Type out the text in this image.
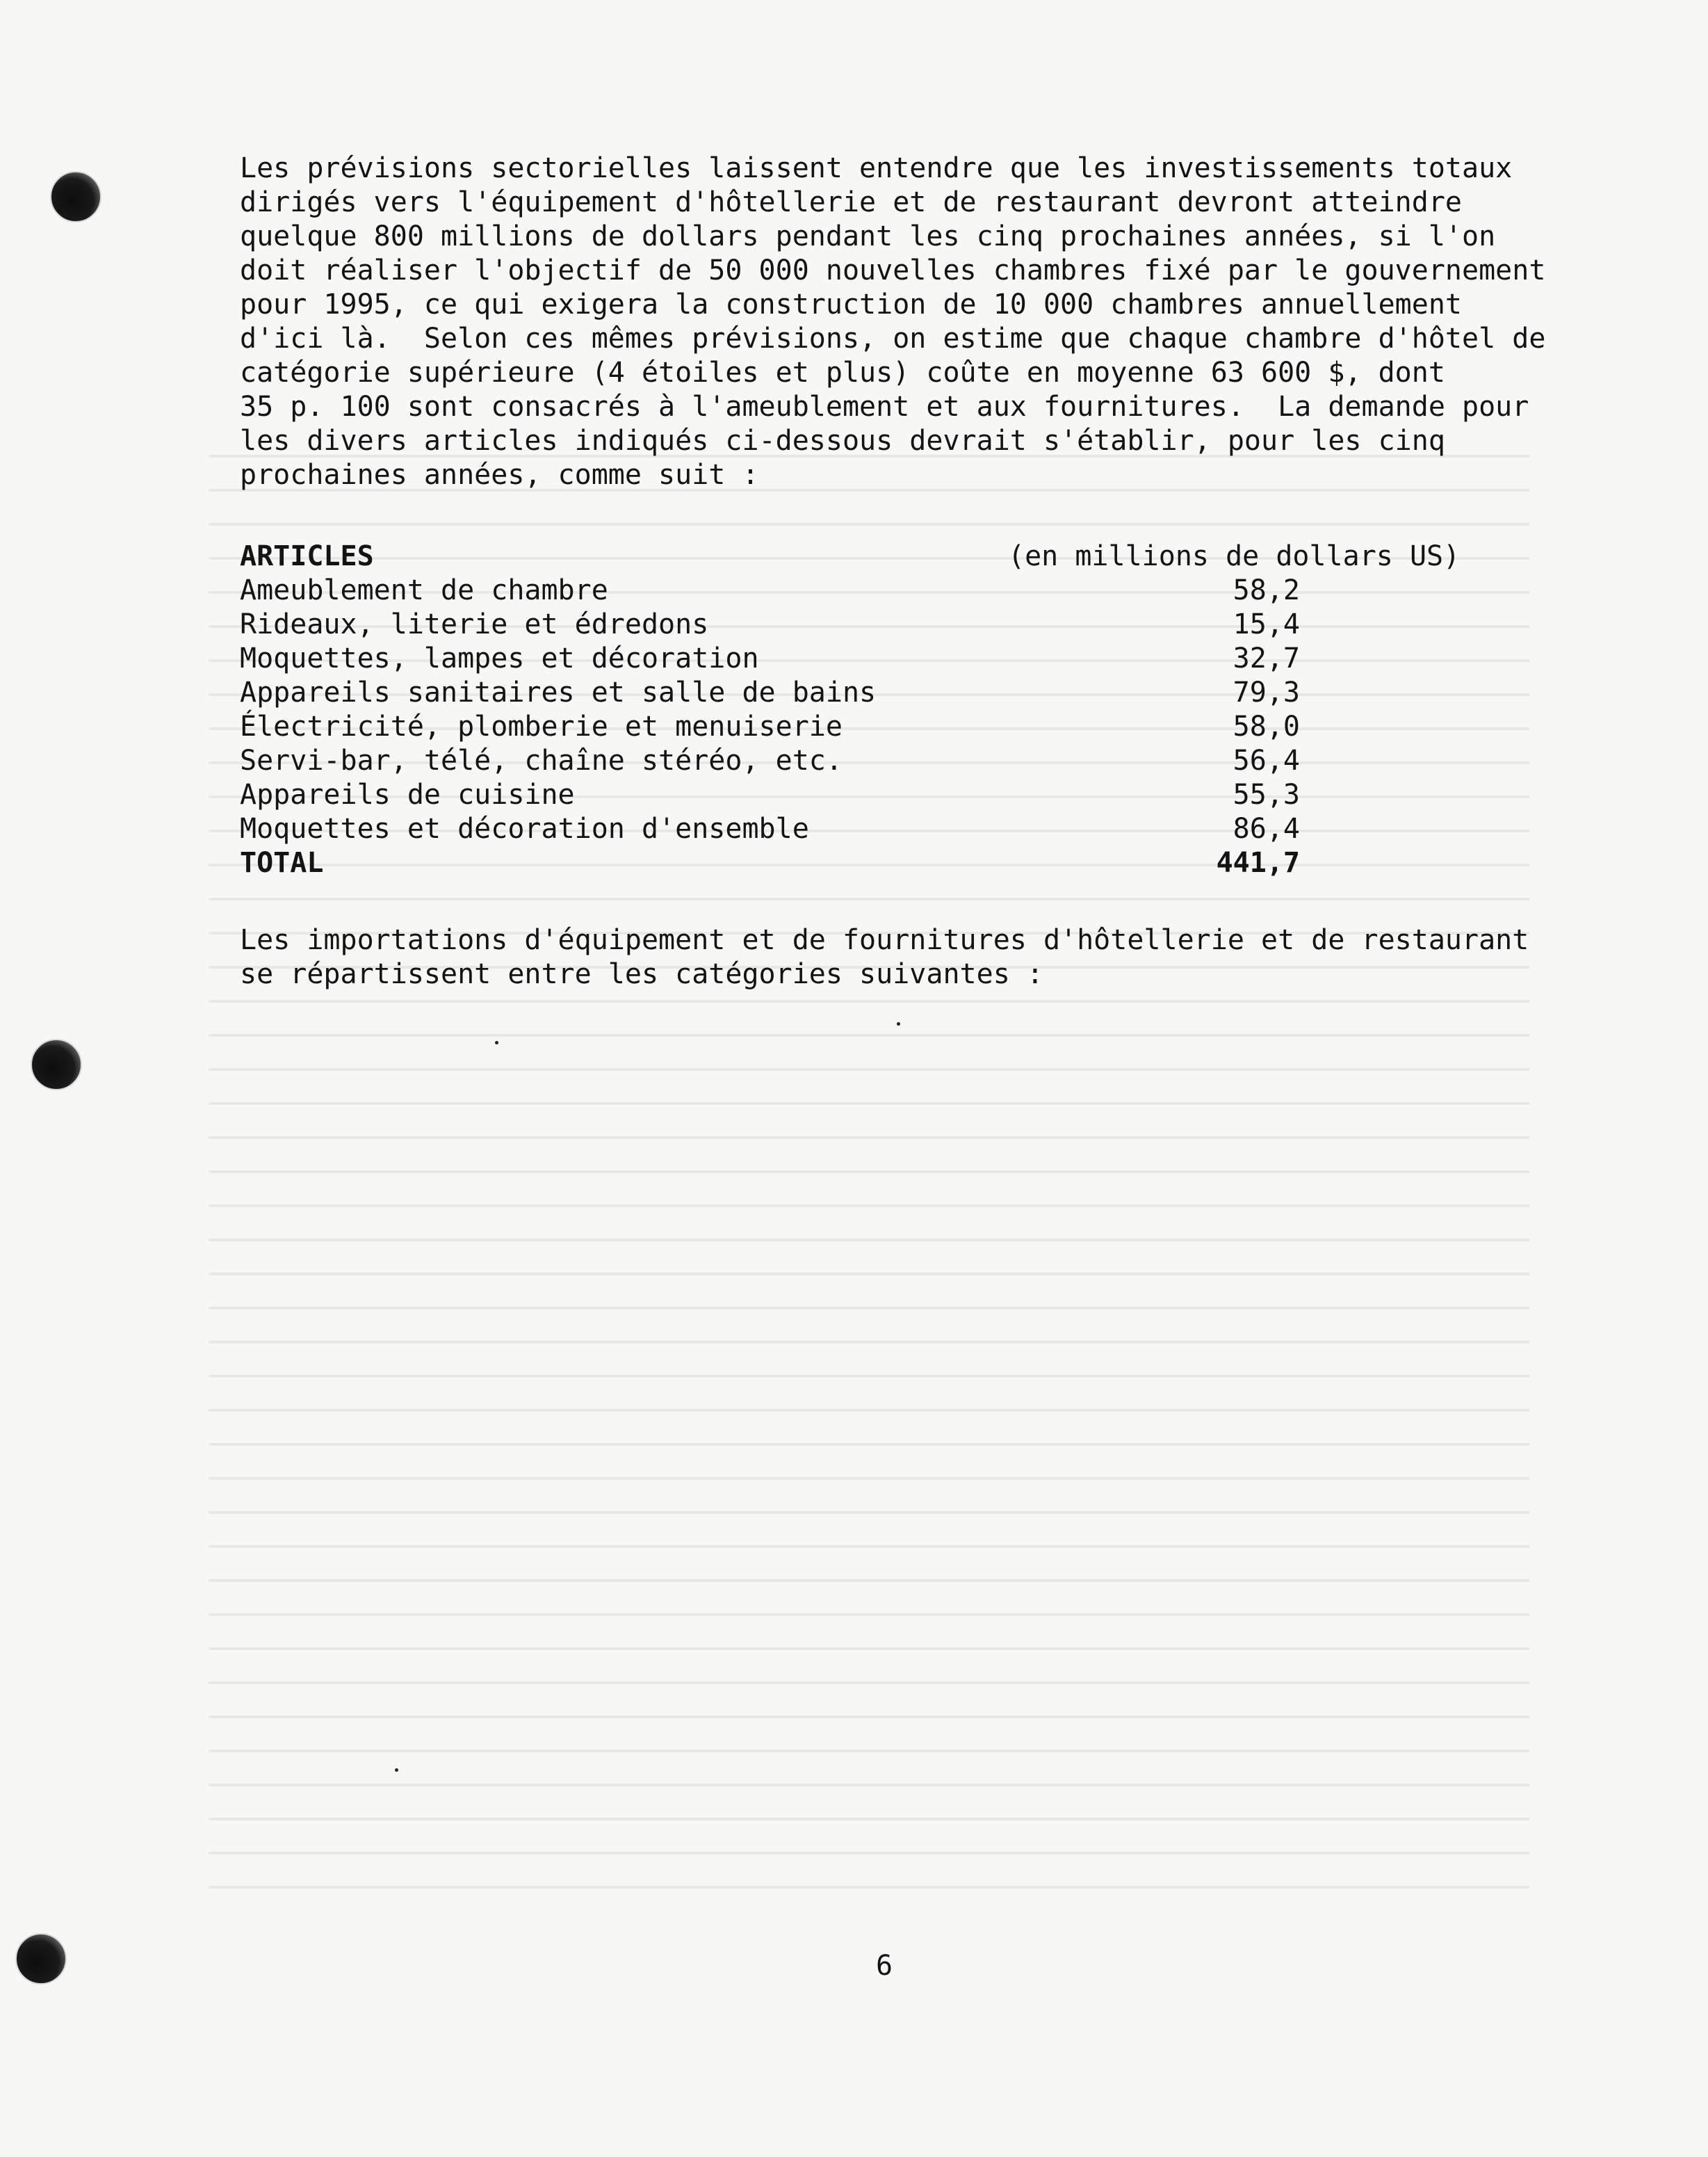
Les prévisions sectorielles laissent entendre que les investissements totaux
dirigés vers l'équipement d'hôtellerie et de restaurant devront atteindre
quelque 800 millions de dollars pendant les cinq prochaines années, si l'on
doit réaliser l'objectif de 50 000 nouvelles chambres fixé par le gouvernement
pour 1995, ce qui exigera la construction de 10 000 chambres annuellement
d'ici là.  Selon ces mêmes prévisions, on estime que chaque chambre d'hôtel de
catégorie supérieure (4 étoiles et plus) coûte en moyenne 63 600 $, dont
35 p. 100 sont consacrés à l'ameublement et aux fournitures.  La demande pour
les divers articles indiqués ci-dessous devrait s'établir, pour les cinq
prochaines années, comme suit :
ARTICLES	(en millions de dollars US)
Ameublement de chambre	58,2
Rideaux, literie et édredons	15,4
Moquettes, lampes et décoration	32,7
Appareils sanitaires et salle de bains	79,3
Électricité, plomberie et menuiserie	58,0
Servi-bar, télé, chaîne stéréo, etc.	56,4
Appareils de cuisine	55,3
Moquettes et décoration d'ensemble	86,4
TOTAL	441,7
Les importations d'équipement et de fournitures d'hôtellerie et de restaurant
se répartissent entre les catégories suivantes :
6
